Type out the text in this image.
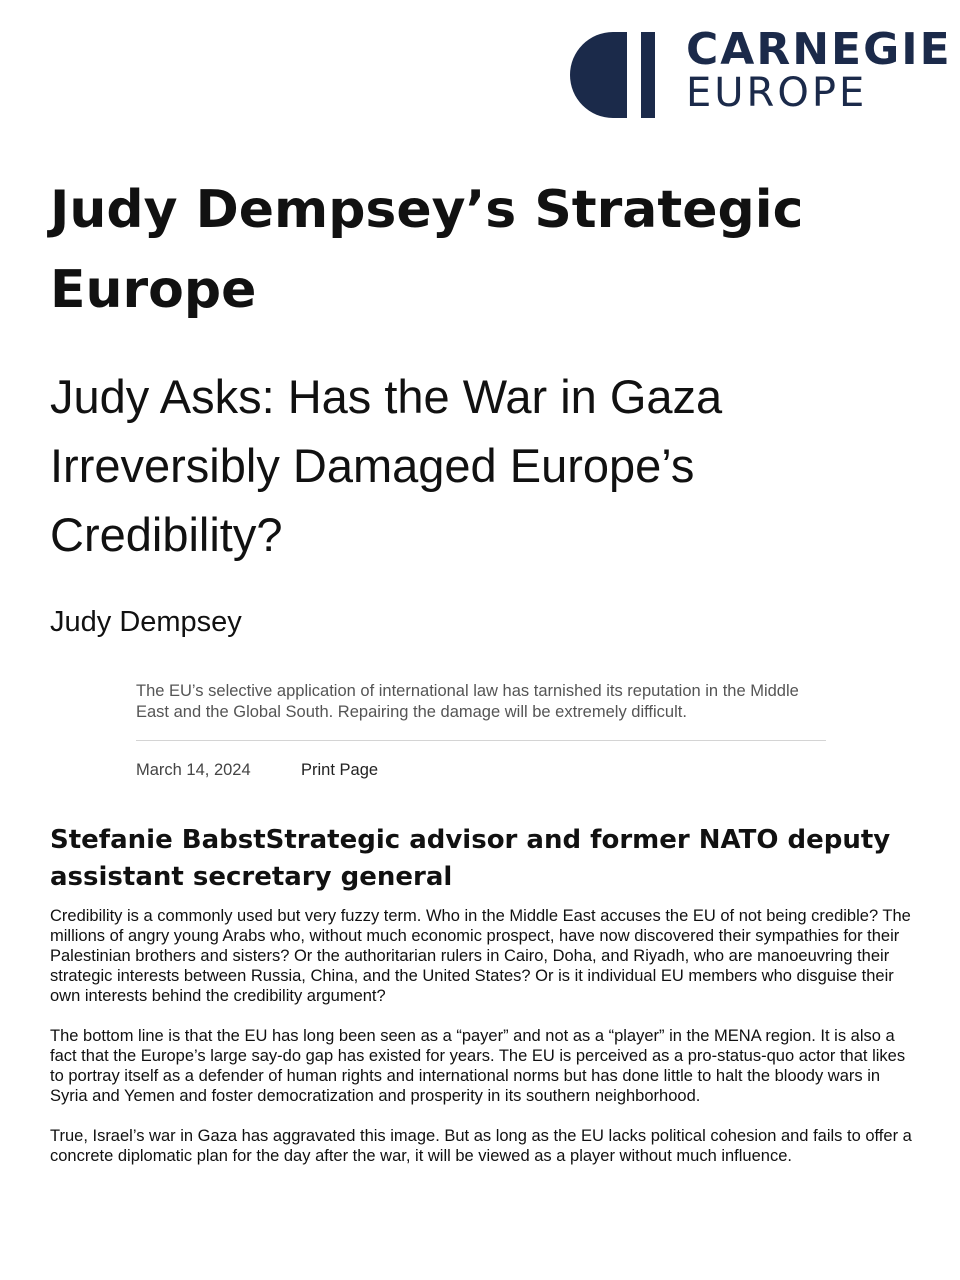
CARNEGIE
EUROPE
Judy Dempsey’s Strategic Europe
Judy Asks: Has the War in Gaza Irreversibly Damaged Europe’s Credibility?
Judy Dempsey

The EU’s selective application of international law has tarnished its reputation in the Middle East and the Global South. Repairing the damage will be extremely difficult.

March 14, 2024	Print Page
Stefanie BabstStrategic advisor and former NATO deputy assistant secretary general

Credibility is a commonly used but very fuzzy term. Who in the Middle East accuses the EU of not being credible? The millions of angry young Arabs who, without much economic prospect, have now discovered their sympathies for their Palestinian brothers and sisters? Or the authoritarian rulers in Cairo, Doha, and Riyadh, who are manoeuvring their strategic interests between Russia, China, and the United States? Or is it individual EU members who disguise their own interests behind the credibility argument?

The bottom line is that the EU has long been seen as a “payer” and not as a “player” in the MENA region. It is also a fact that the Europe’s large say-do gap has existed for years. The EU is perceived as a pro-status-quo actor that likes to portray itself as a defender of human rights and international norms but has done little to halt the bloody wars in Syria and Yemen and foster democratization and prosperity in its southern neighborhood.

True, Israel’s war in Gaza has aggravated this image. But as long as the EU lacks political cohesion and fails to offer a concrete diplomatic plan for the day after the war, it will be viewed as a player without much influence.
